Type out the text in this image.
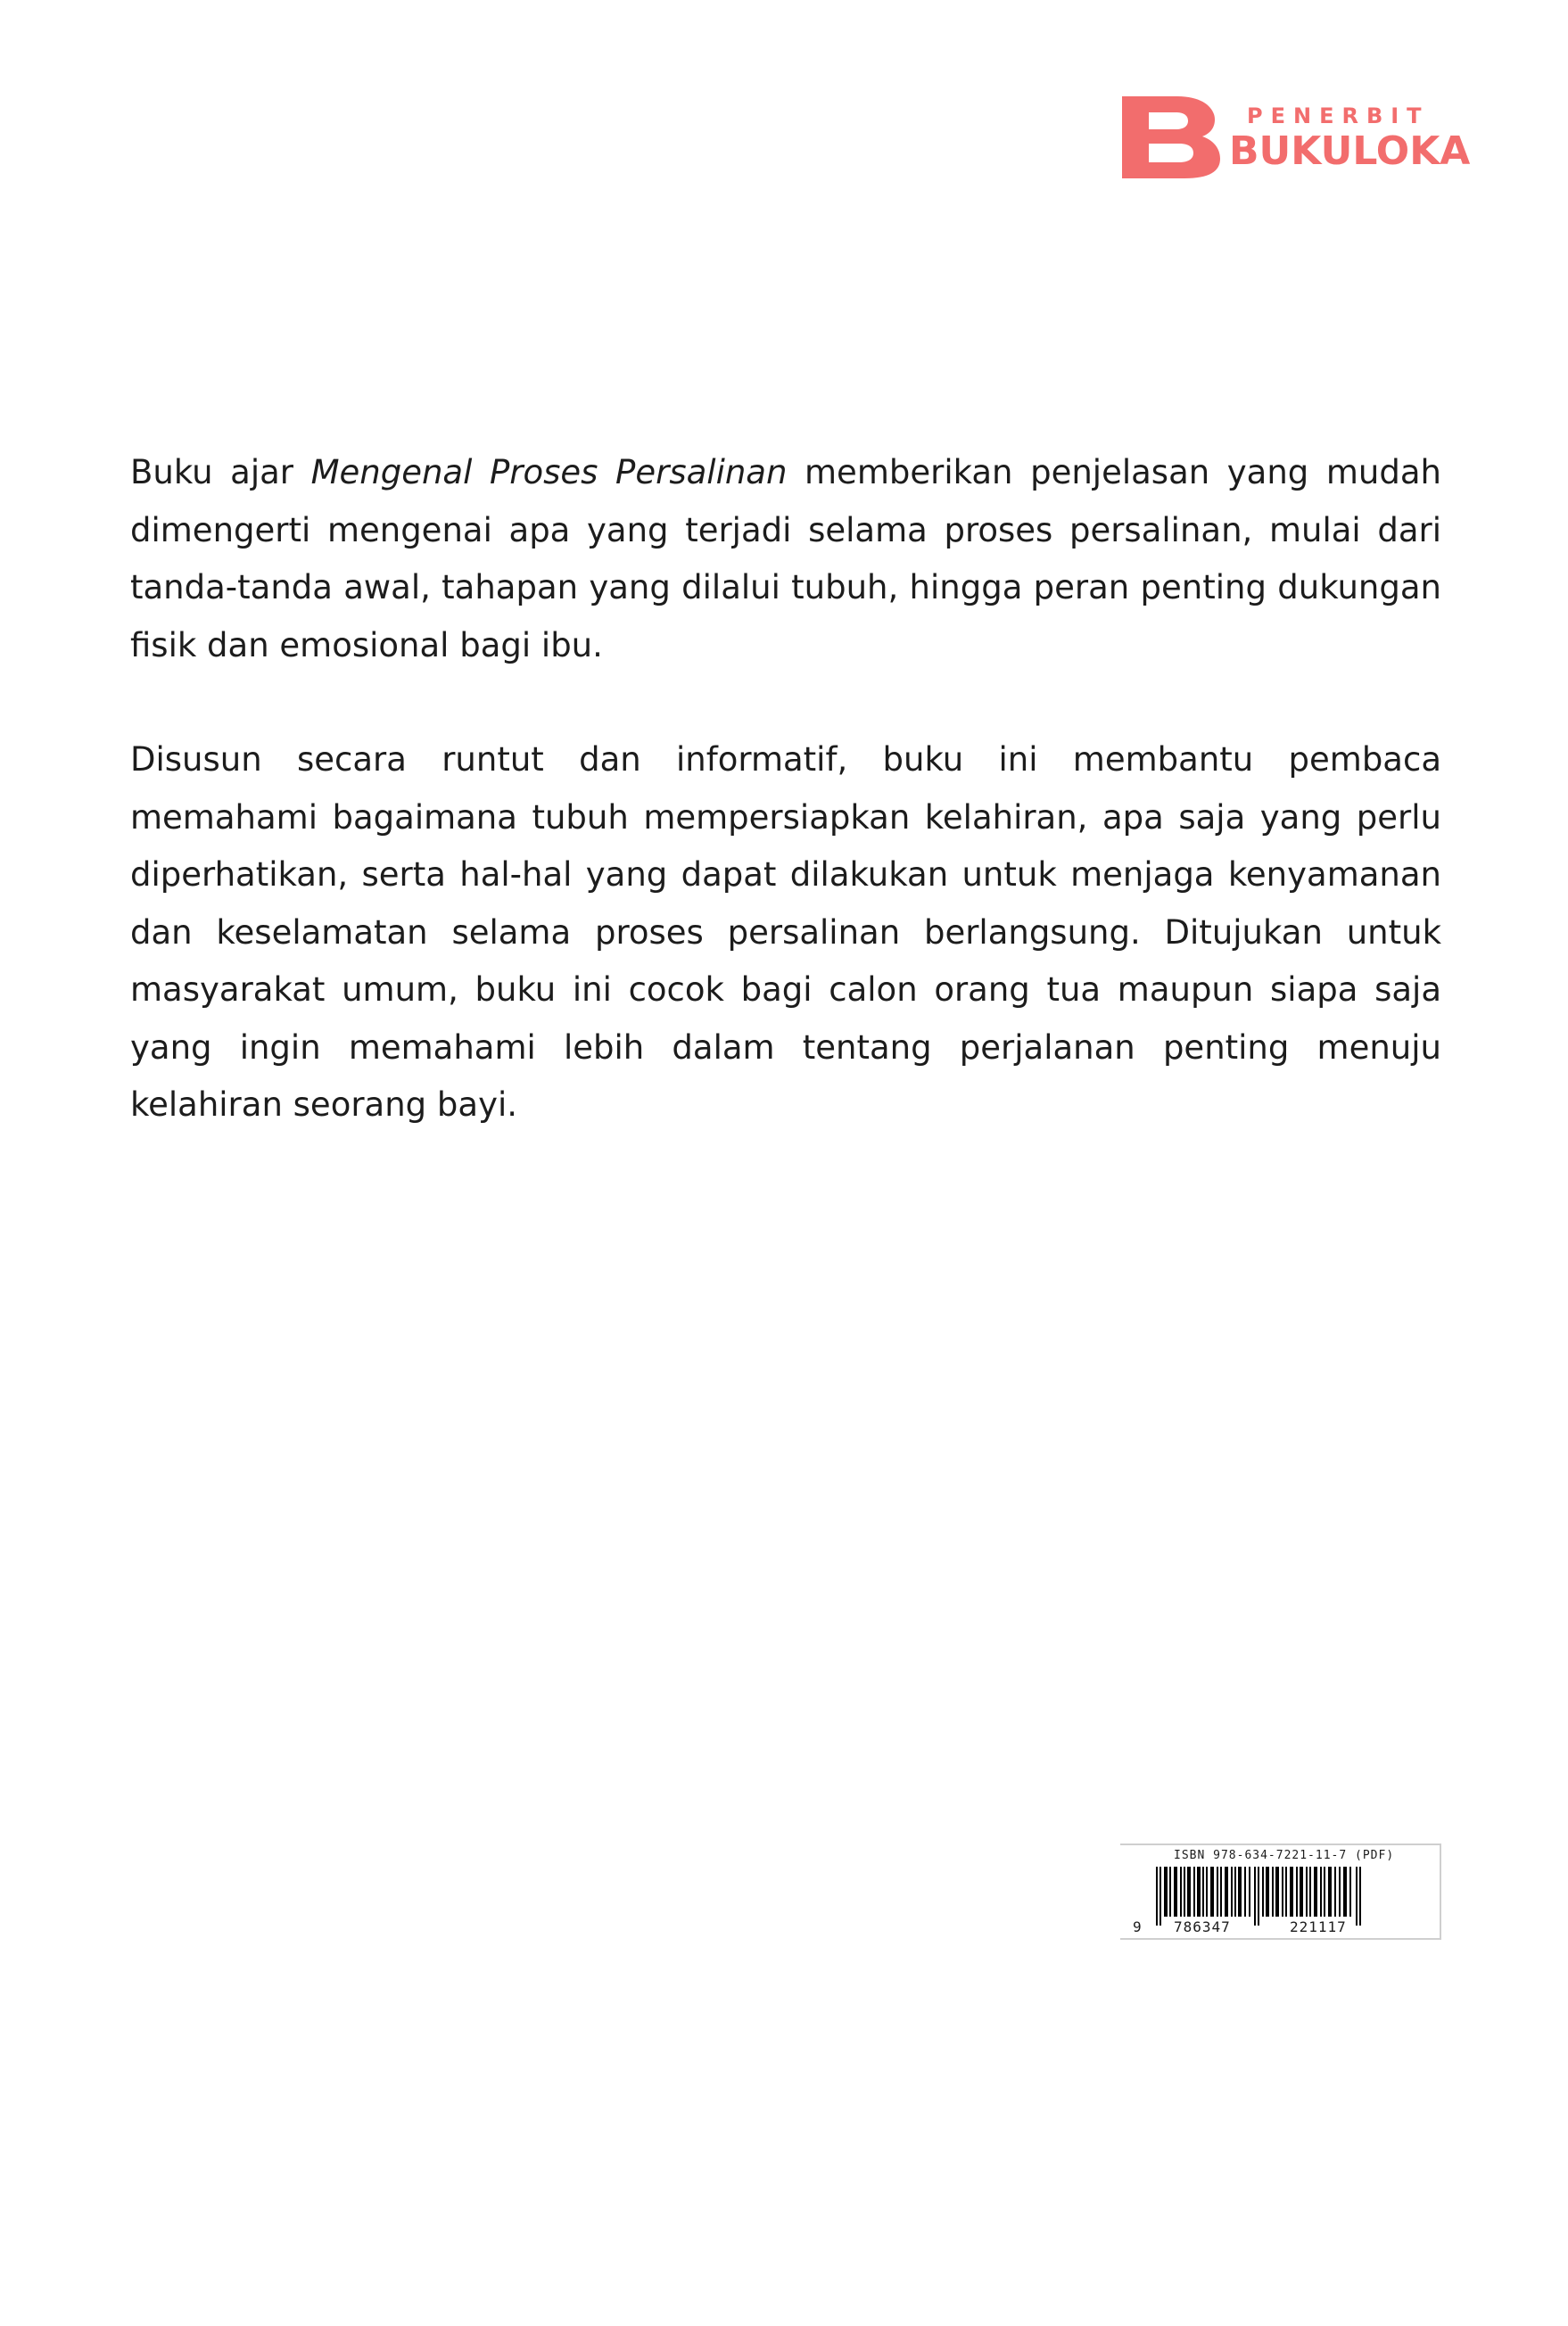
PENERBIT
BUKULOKA

Buku ajar Mengenal Proses Persalinan memberikan penjelasan yang mudah dimengerti mengenai apa yang terjadi selama proses persalinan, mulai dari tanda-tanda awal, tahapan yang dilalui tubuh, hingga peran penting dukungan fisik dan emosional bagi ibu.

Disusun secara runtut dan informatif, buku ini membantu pembaca memahami bagaimana tubuh mempersiapkan kelahiran, apa saja yang perlu diperhatikan, serta hal-hal yang dapat dilakukan untuk menjaga kenyamanan dan keselamatan selama proses persalinan berlangsung. Ditujukan untuk masyarakat umum, buku ini cocok bagi calon orang tua maupun siapa saja yang ingin memahami lebih dalam tentang perjalanan penting menuju kelahiran seorang bayi.

ISBN 978-634-7221-11-7 (PDF)
9 786347	221117
